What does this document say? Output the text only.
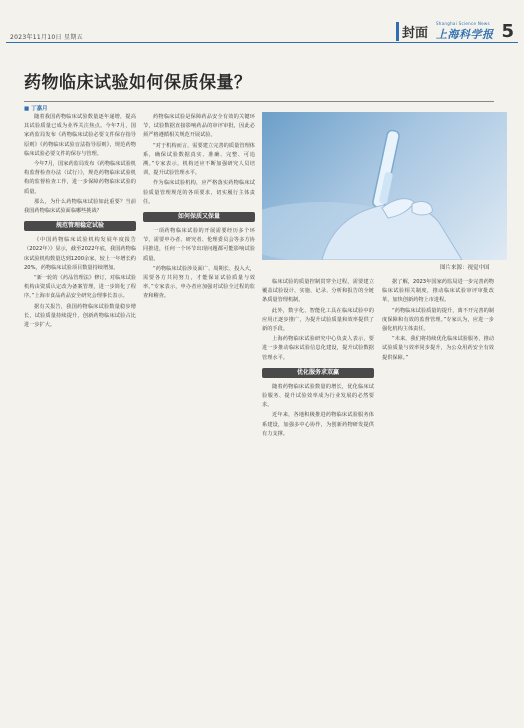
2023年11月10日 星期五	封面
Shanghai Science News
上海科学报 5
药物临床试验如何保质保量？
■ 丁嘉月
图片来源：视觉中国

随着我国药物临床试验数量逐年递增，提高其试验质量已成为业界关注焦点。今年7月，国家药监局发布《药物临床试验必要文件保存指导原则》《药物临床试验盲法指导原则》，规范药物临床试验必要文件的保存与管理。

今年7月，国家药监局发布《药物临床试验机构监督检查办法（试行）》，规范药物临床试验机构的监督检查工作，进一步保障药物临床试验的质量。

那么，为什么药物临床试验如此重要？当前我国药物临床试验面临哪些挑战？

规范管理稳定试验

《中国药物临床试验机构发展年度报告（2022年）》显示，截至2022年底，我国药物临床试验机构数量达到1200余家，较上一年增长约20%，药物临床试验项目数量持续增加。

“新一轮的《药品管理法》修订，对临床试验机构由资质认定改为备案管理，进一步简化了程序。”上海市食品药品安全研究会理事长表示。

据有关报告，我国药物临床试验数量稳步增长，试验质量持续提升，创新药物临床试验占比进一步扩大。

药物临床试验是保障药品安全有效的关键环节，试验数据直接影响药品的审评审批，因此必须严格遵循相关规范开展试验。

“对于机构而言，需要建立完善的质量管理体系，确保试验数据真实、准确、完整、可追溯。”专家表示，机构还应不断加强研究人员培训，提升试验管理水平。

作为临床试验机构，应严格落实药物临床试验质量管理规范的各项要求，切实履行主体责任。

如何保质又保量

一项药物临床试验的开展需要经历多个环节，需要申办者、研究者、伦理委员会等多方协同推进，任何一个环节出现问题都可能影响试验质量。

“药物临床试验涉及面广、周期长、投入大，需要各方共同努力，才能保证试验质量与效率。”专家表示，申办者应加强对试验全过程的监查和稽查。

临床试验的质量控制贯穿全过程，需要建立覆盖试验设计、实施、记录、分析和报告的全链条质量管理机制。

此外，数字化、智能化工具在临床试验中的应用正逐步推广，为提升试验质量和效率提供了新的手段。

上海药物临床试验研究中心负责人表示，要进一步推动临床试验信息化建设，提升试验数据管理水平。

优化服务求双赢

随着药物临床试验数量的增长，优化临床试验服务、提升试验效率成为行业发展的必然要求。

近年来，各地积极推进药物临床试验服务体系建设，加强多中心协作，为创新药物研发提供有力支撑。

据了解，2023年国家药监局进一步完善药物临床试验相关制度，推动临床试验审评审批改革，加快创新药物上市进程。

“药物临床试验质量的提升，离不开完善的制度保障和有效的监督管理。”专家认为，应进一步强化机构主体责任。

“未来，我们将持续优化临床试验服务，推动试验质量与效率同步提升，为公众用药安全有效提供保障。”
